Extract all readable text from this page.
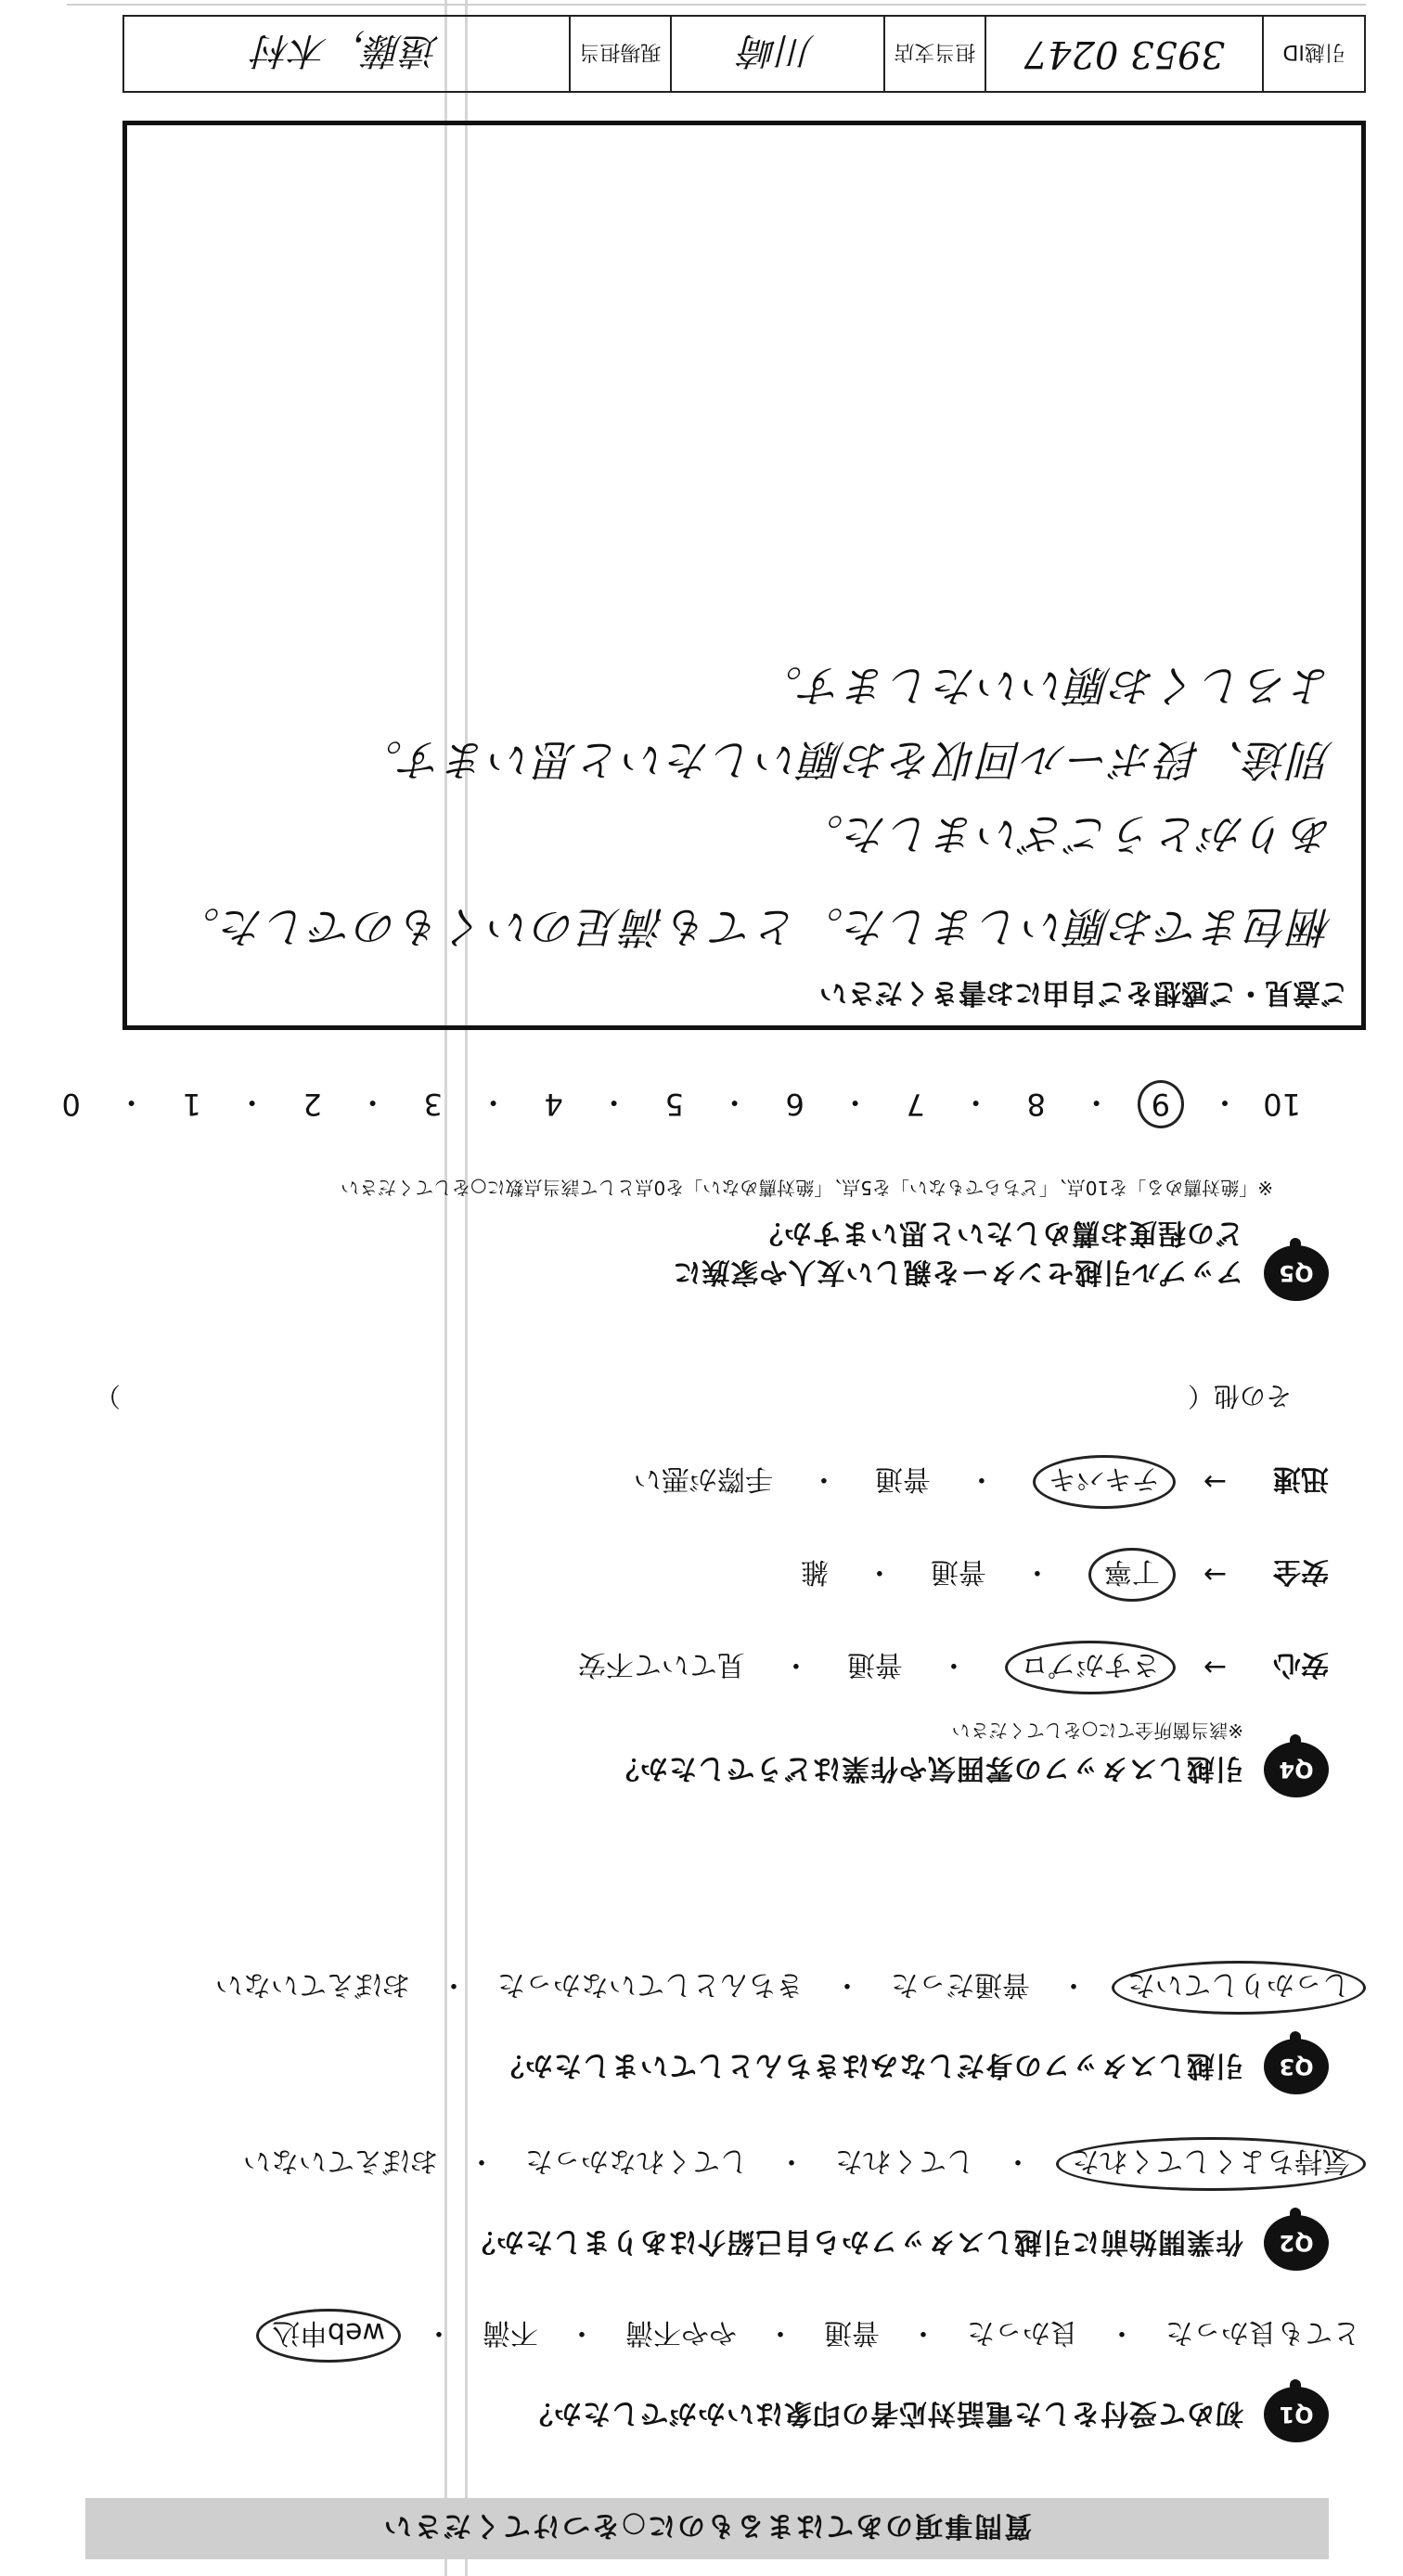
質問事項のあてはまるものに○をつけてください
Q1
初めて受付をした電話対応者の印象はいかがでしたか？
とても良かった
・
良かった
・
普通
・
やや不満
・
不満
・
web申込
Q2
作業開始前に引越しスタッフから自己紹介はありましたか？
気持ちよくしてくれた
・
してくれた
・
してくれなかった
・
おぼえていない
Q3
引越しスタッフの身だしなみはきちんとしていましたか？
しっかりしていた
・
普通だった
・
きちんとしていなかった
・
おぼえていない
Q4
引越しスタッフの雰囲気や作業はどうでしたか？
※該当箇所全てに○をしてください
安心
→
さすがプロ
・
普通
・
見ていて不安
安全
→
丁寧
・
普通
・
雑
迅速
→
テキパキ
・
普通
・
手際が悪い
その他（）
Q5
アップル引越センターを親しい友人や家族に
どの程度お薦めしたいと思いますか？
※「絶対薦める」を10点、「どちらでもない」を5点、「絶対薦めない」を0点として該当点数に○をしてください
10
・
9
・
8
・
7
・
6
・
5
・
4
・
3
・
2
・
1
・
0
ご意見・ご感想をご自由にお書きください
梱包までお願いしました。とても満足のいくものでした。
ありがとうございました。
別途、段ボール回収をお願いしたいと思います。
よろしくお願いいたします。
引越ID
3953 0247
担当支店
川崎
現場担当
遠藤，木村
